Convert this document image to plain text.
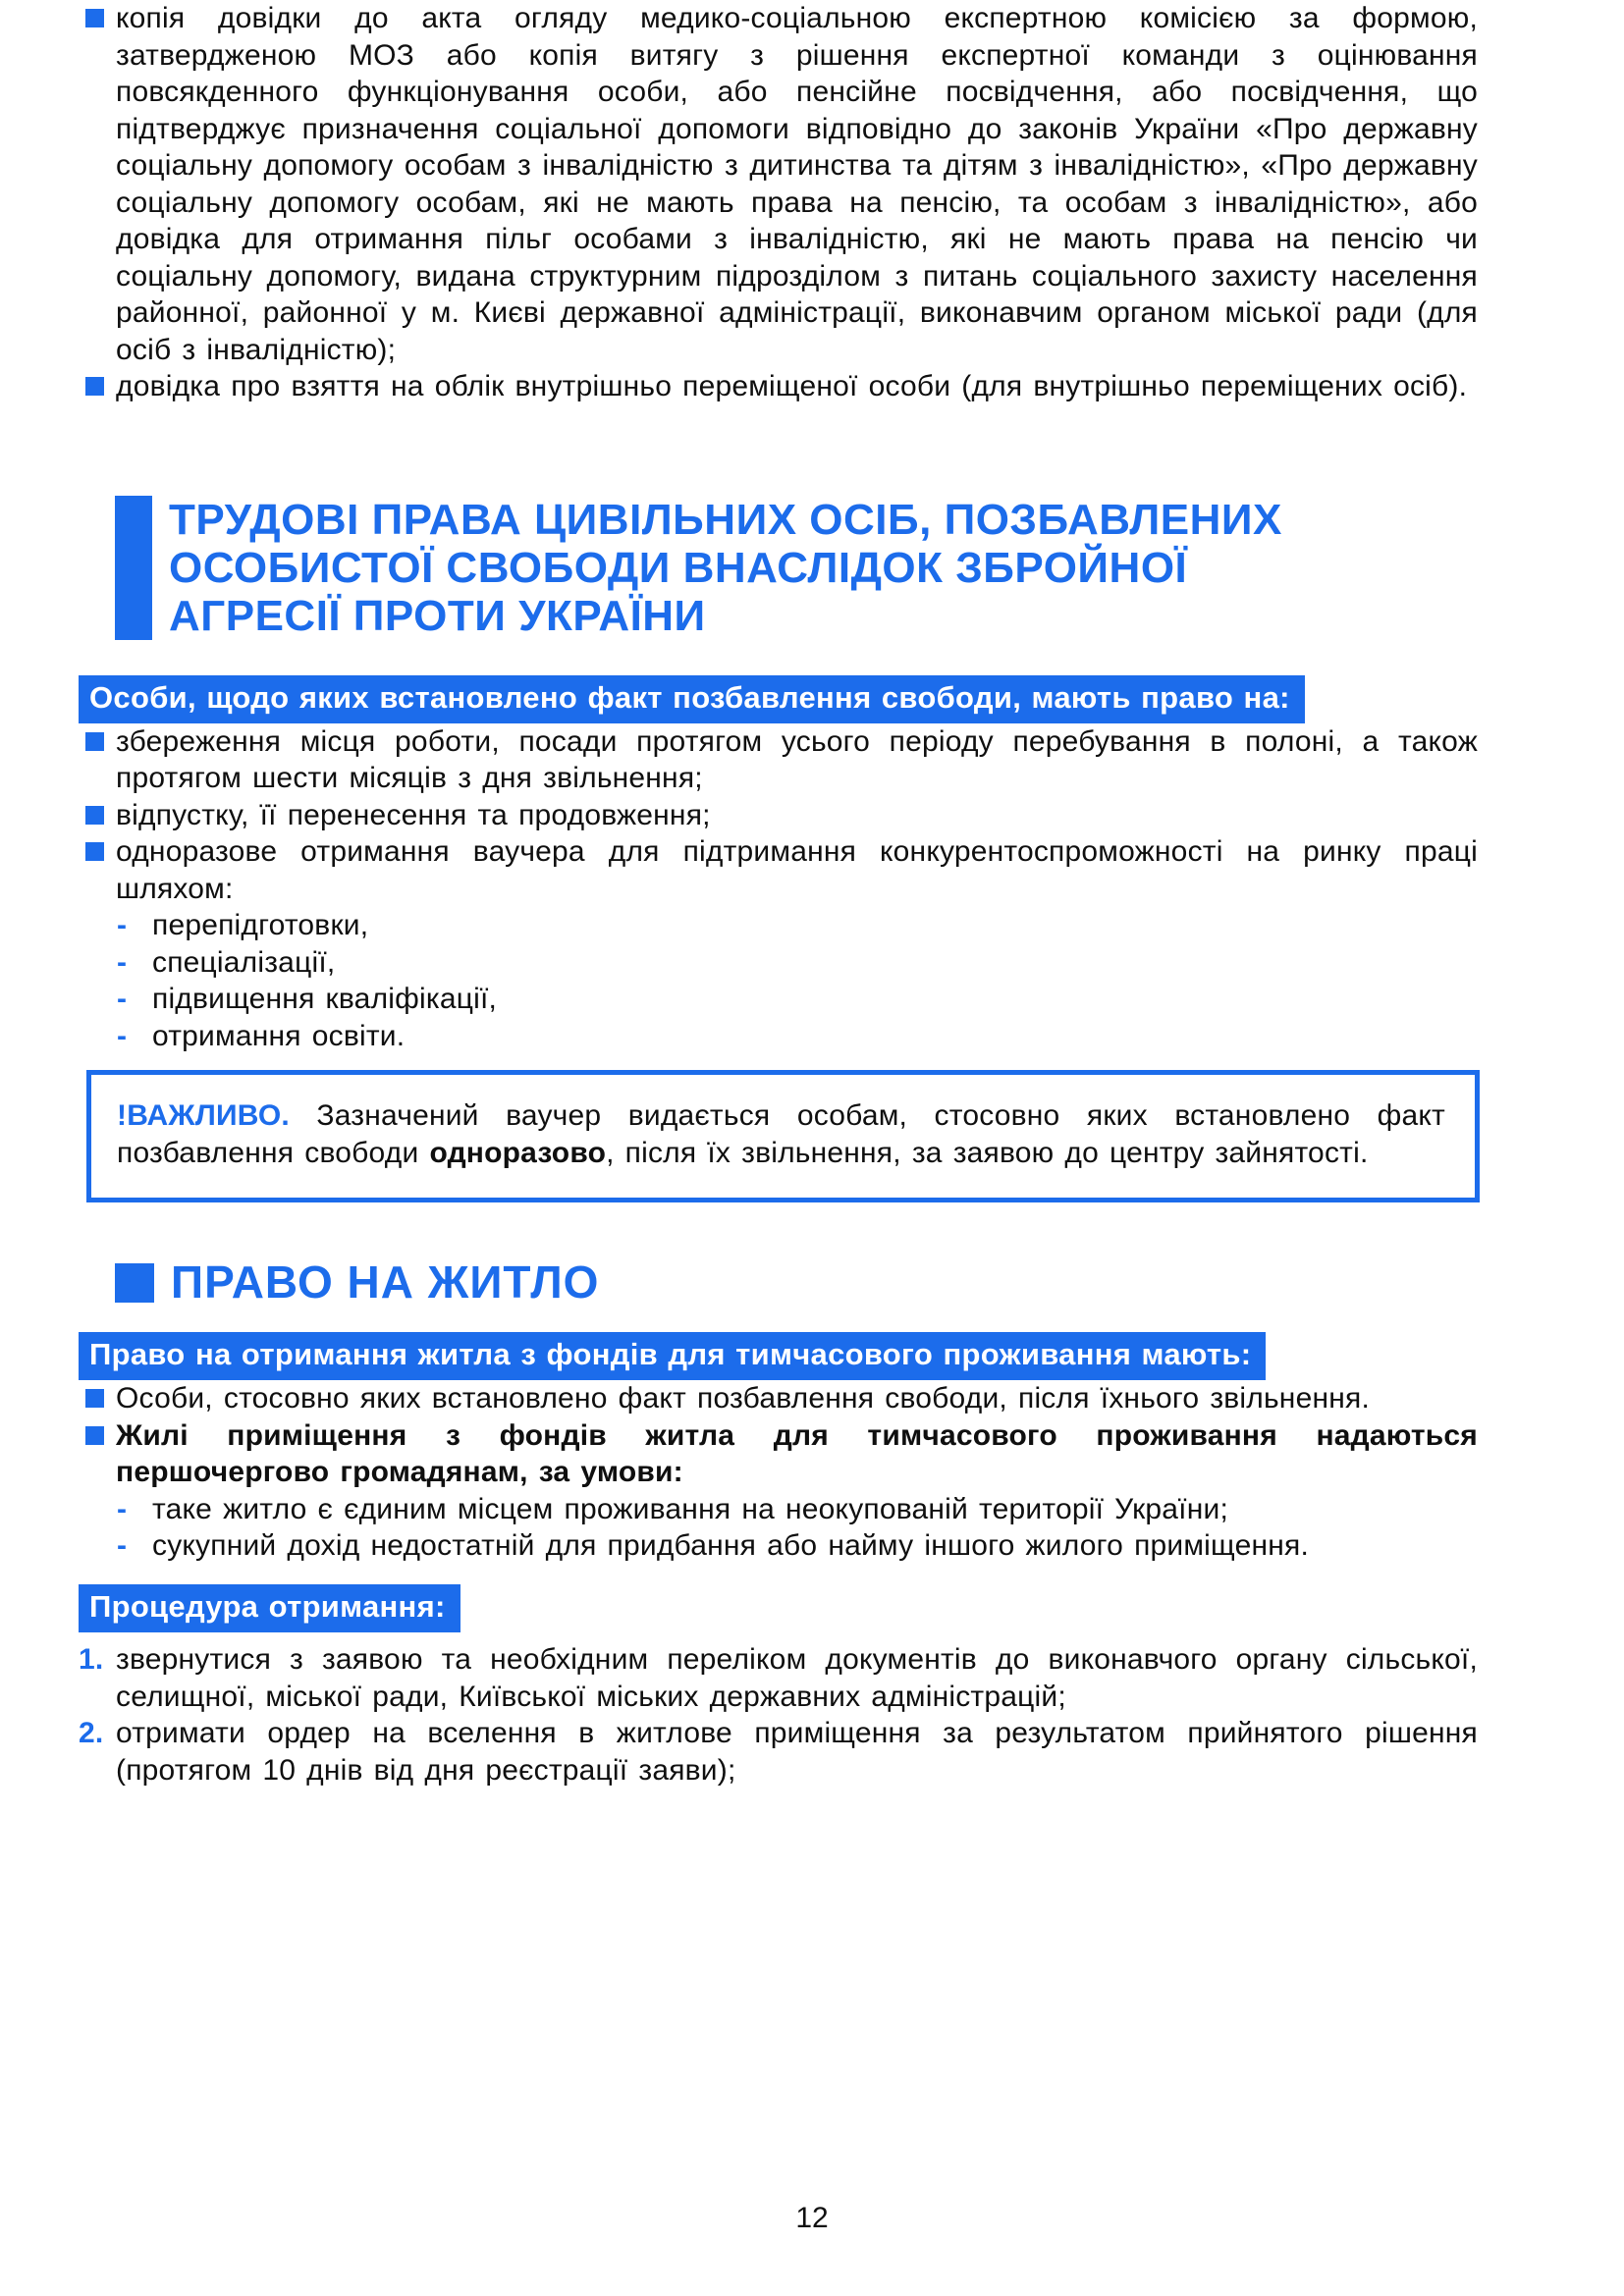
копія довідки до акта огляду медико-соціальною експертною комісією за формою, затвердженою МОЗ або копія витягу з рішення експертної команди з оцінювання повсякденного функціонування особи, або пенсійне посвідчення, або посвідчення, що підтверджує призначення соціальної допомоги відповідно до законів України «Про державну соціальну допомогу особам з інвалідністю з дитинства та дітям з інвалідністю», «Про державну соціальну допомогу особам, які не мають права на пенсію, та особам з інвалідністю», або довідка для отримання пільг особами з інвалідністю, які не мають права на пенсію чи соціальну допомогу, видана структурним підрозділом з питань соціального захисту населення районної, районної у м. Києві державної адміністрації, виконавчим органом міської ради (для осіб з інвалідністю);
довідка про взяття на облік внутрішньо переміщеної особи (для внутрішньо переміщених осіб).
ТРУДОВІ ПРАВА ЦИВІЛЬНИХ ОСІБ, ПОЗБАВЛЕНИХ
ОСОБИСТОЇ СВОБОДИ ВНАСЛІДОК ЗБРОЙНОЇ
АГРЕСІЇ ПРОТИ УКРАЇНИ
Особи, щодо яких встановлено факт позбавлення свободи, мають право на:
збереження місця роботи, посади протягом усього періоду перебування в полоні, а також протягом шести місяців з дня звільнення;
відпустку, її перенесення та продовження;
одноразове отримання ваучера для підтримання конкурентоспроможності на ринку праці шляхом:
- перепідготовки,
- спеціалізації,
- підвищення кваліфікації,
- отримання освіти.
!ВАЖЛИВО. Зазначений ваучер видається особам, стосовно яких встановлено факт позбавлення свободи одноразово, після їх звільнення, за заявою до центру зайнятості.
ПРАВО НА ЖИТЛО
Право на отримання житла з фондів для тимчасового проживання мають:
Особи, стосовно яких встановлено факт позбавлення свободи, після їхнього звільнення.
Жилі приміщення з фондів житла для тимчасового проживання надаються першочергово громадянам, за умови:
- таке житло є єдиним місцем проживання на неокупованій території України;
- сукупний дохід недостатній для придбання або найму іншого жилого приміщення.
Процедура отримання:
1. звернутися з заявою та необхідним переліком документів до виконавчого органу сільської, селищної, міської ради, Київської міських державних адміністрацій;
2. отримати ордер на вселення в житлове приміщення за результатом прийнятого рішення (протягом 10 днів від дня реєстрації заяви);
12
